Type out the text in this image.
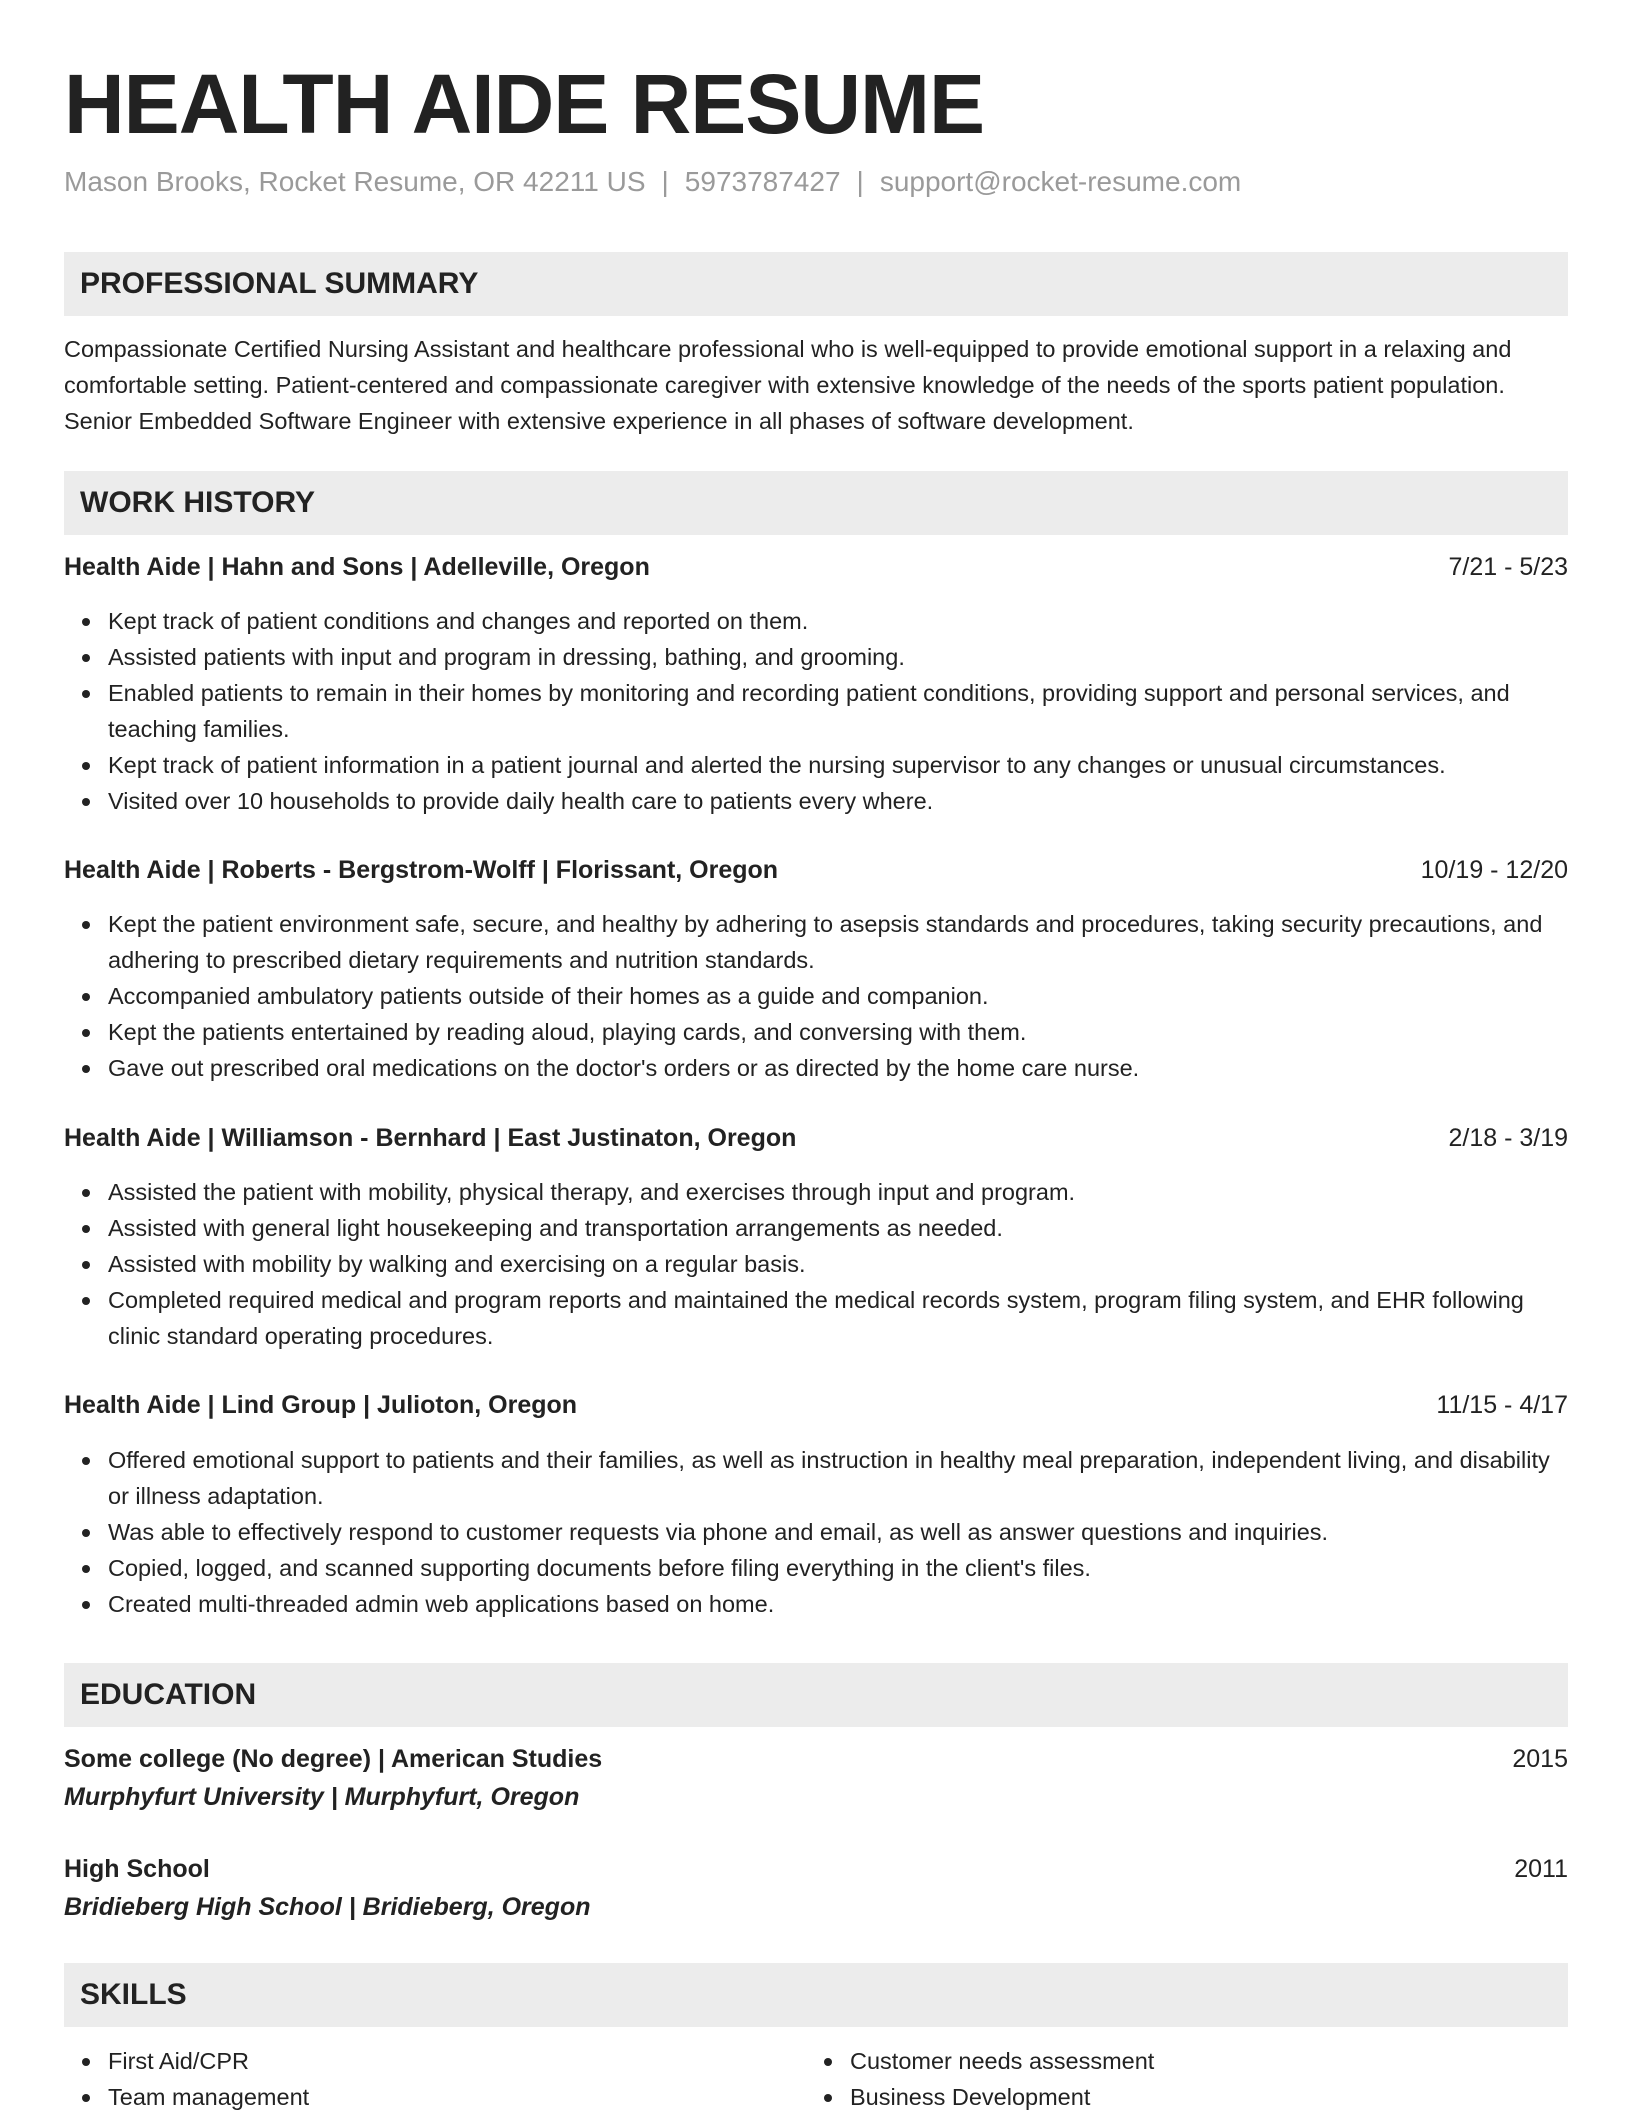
HEALTH AIDE RESUME
Mason Brooks, Rocket Resume, OR 42211 US | 5973787427 | support@rocket-resume.com
PROFESSIONAL SUMMARY
Compassionate Certified Nursing Assistant and healthcare professional who is well-equipped to provide emotional support in a relaxing and comfortable setting. Patient-centered and compassionate caregiver with extensive knowledge of the needs of the sports patient population. Senior Embedded Software Engineer with extensive experience in all phases of software development.
WORK HISTORY
Health Aide | Hahn and Sons | Adelleville, Oregon	7/21 - 5/23
Kept track of patient conditions and changes and reported on them.
Assisted patients with input and program in dressing, bathing, and grooming.
Enabled patients to remain in their homes by monitoring and recording patient conditions, providing support and personal services, and teaching families.
Kept track of patient information in a patient journal and alerted the nursing supervisor to any changes or unusual circumstances.
Visited over 10 households to provide daily health care to patients every where.
Health Aide | Roberts - Bergstrom-Wolff | Florissant, Oregon	10/19 - 12/20
Kept the patient environment safe, secure, and healthy by adhering to asepsis standards and procedures, taking security precautions, and adhering to prescribed dietary requirements and nutrition standards.
Accompanied ambulatory patients outside of their homes as a guide and companion.
Kept the patients entertained by reading aloud, playing cards, and conversing with them.
Gave out prescribed oral medications on the doctor's orders or as directed by the home care nurse.
Health Aide | Williamson - Bernhard | East Justinaton, Oregon	2/18 - 3/19
Assisted the patient with mobility, physical therapy, and exercises through input and program.
Assisted with general light housekeeping and transportation arrangements as needed.
Assisted with mobility by walking and exercising on a regular basis.
Completed required medical and program reports and maintained the medical records system, program filing system, and EHR following clinic standard operating procedures.
Health Aide | Lind Group | Julioton, Oregon	11/15 - 4/17
Offered emotional support to patients and their families, as well as instruction in healthy meal preparation, independent living, and disability or illness adaptation.
Was able to effectively respond to customer requests via phone and email, as well as answer questions and inquiries.
Copied, logged, and scanned supporting documents before filing everything in the client's files.
Created multi-threaded admin web applications based on home.
EDUCATION
Some college (No degree) | American Studies	2015
Murphyfurt University | Murphyfurt, Oregon
High School	2011
Bridieberg High School | Bridieberg, Oregon
SKILLS
First Aid/CPR
Team management
Customer needs assessment
Business Development
